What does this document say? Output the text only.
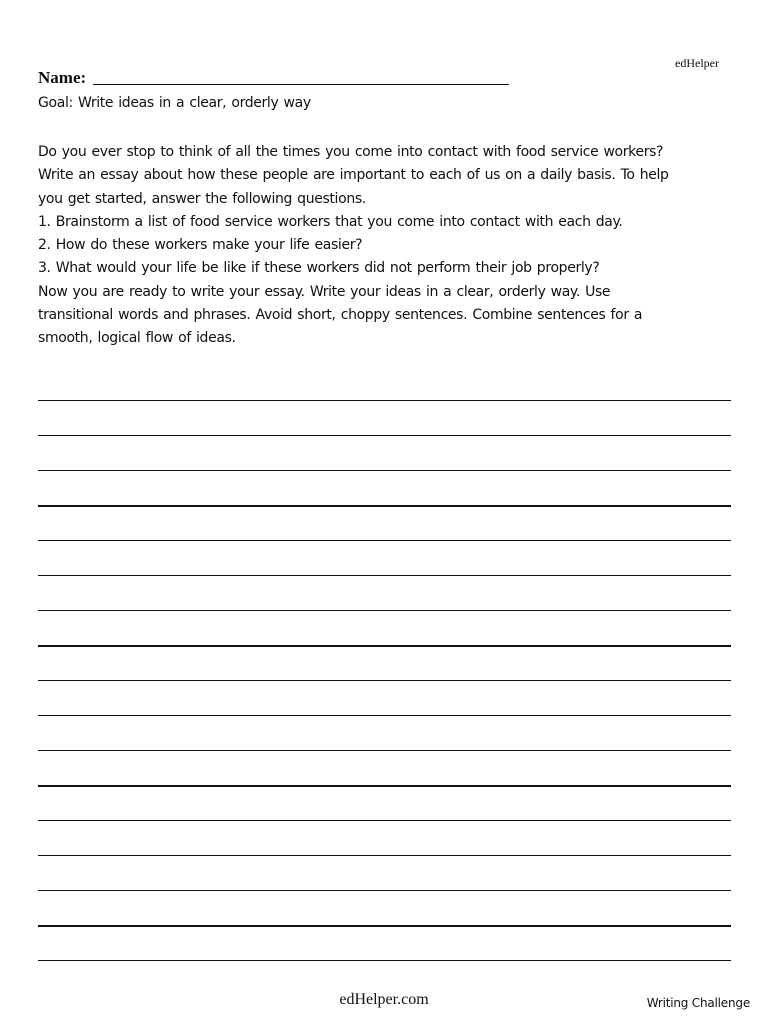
edHelper
Name:
Goal: Write ideas in a clear, orderly way
Do you ever stop to think of all the times you come into contact with food service workers?
Write an essay about how these people are important to each of us on a daily basis. To help
you get started, answer the following questions.
1. Brainstorm a list of food service workers that you come into contact with each day.
2. How do these workers make your life easier?
3. What would your life be like if these workers did not perform their job properly?
Now you are ready to write your essay. Write your ideas in a clear, orderly way. Use
transitional words and phrases. Avoid short, choppy sentences. Combine sentences for a
smooth, logical flow of ideas.
edHelper.com	Writing Challenge
